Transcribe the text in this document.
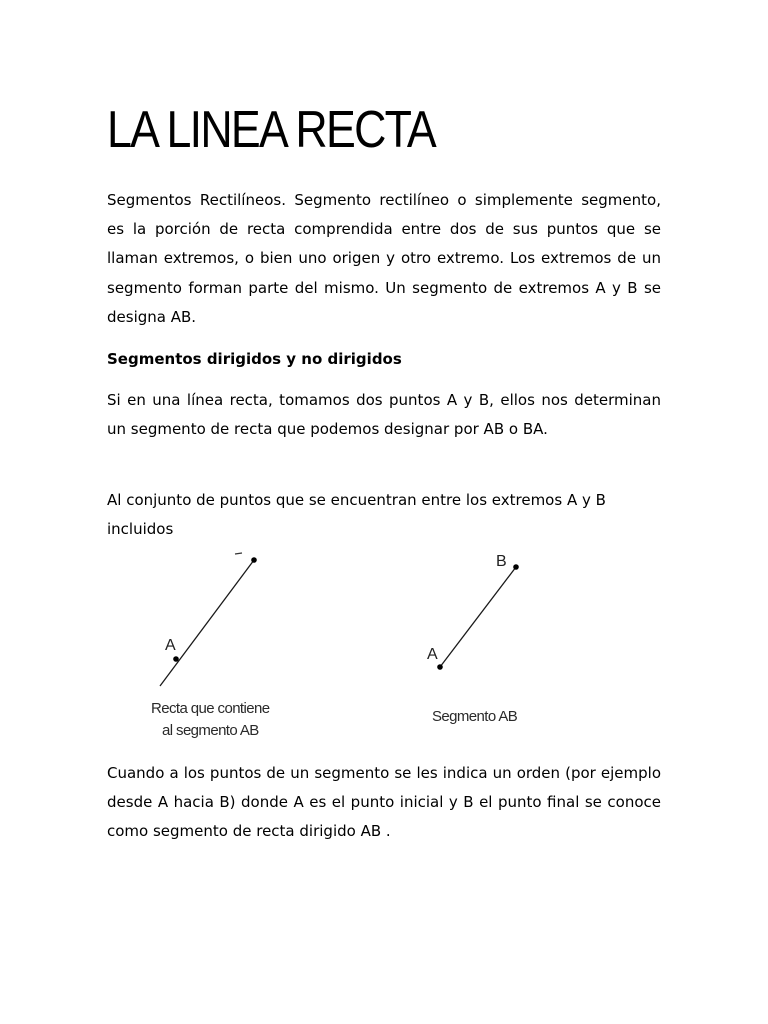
LA LINEA RECTA

Segmentos Rectilíneos. Segmento rectilíneo o simplemente segmento, es la porción de recta comprendida entre dos de sus puntos que se llaman extremos, o bien uno origen y otro extremo. Los extremos de un segmento forman parte del mismo. Un segmento de extremos A y B se designa AB.

Segmentos dirigidos y no dirigidos

Si en una línea recta, tomamos dos puntos A y B, ellos nos determinan un segmento de recta que podemos designar por AB o BA.

Al conjunto de puntos que se encuentran entre los extremos A y B incluidos

A
Recta que contiene
al segmento AB
A
B
Segmento AB

Cuando a los puntos de un segmento se les indica un orden (por ejemplo desde A hacia B) donde A es el punto inicial y B el punto final se conoce como segmento de recta dirigido AB .
